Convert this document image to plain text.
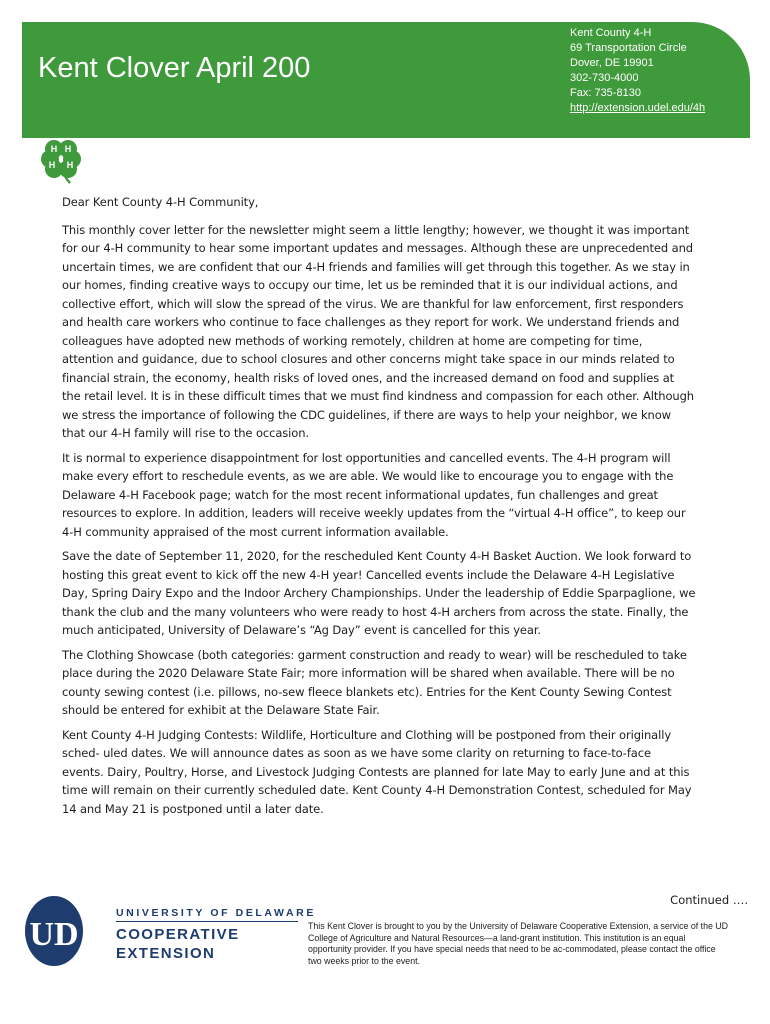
Kent Clover April 200
Kent County 4-H
69 Transportation Circle
Dover, DE 19901
302-730-4000
Fax: 735-8130
http://extension.udel.edu/4h
H H
H H

Dear Kent County 4-H Community,

This monthly cover letter for the newsletter might seem a little lengthy; however, we thought it was important for our 4-H community to hear some important updates and messages. Although these are unprecedented and uncertain times, we are confident that our 4-H friends and families will get through this together. As we stay in our homes, finding creative ways to occupy our time, let us be reminded that it is our individual actions, and collective effort, which will slow the spread of the virus. We are thankful for law enforcement, first responders and health care workers who continue to face challenges as they report for work. We understand friends and colleagues have adopted new methods of working remotely, children at home are competing for time, attention and guidance, due to school closures and other concerns might take space in our minds related to financial strain, the economy, health risks of loved ones, and the increased demand on food and supplies at the retail level. It is in these difficult times that we must find kindness and compassion for each other. Although we stress the importance of following the CDC guidelines, if there are ways to help your neighbor, we know that our 4-H family will rise to the occasion.

It is normal to experience disappointment for lost opportunities and cancelled events. The 4-H program will make every effort to reschedule events, as we are able. We would like to encourage you to engage with the Delaware 4-H Facebook page; watch for the most recent informational updates, fun challenges and great resources to explore. In addition, leaders will receive weekly updates from the “virtual 4-H office”, to keep our 4-H community appraised of the most current information available.

Save the date of September 11, 2020, for the rescheduled Kent County 4-H Basket Auction. We look forward to hosting this great event to kick off the new 4-H year! Cancelled events include the Delaware 4-H Legislative Day, Spring Dairy Expo and the Indoor Archery Championships. Under the leadership of Eddie Sparpaglione, we thank the club and the many volunteers who were ready to host 4-H archers from across the state. Finally, the much anticipated, University of Delaware’s “Ag Day” event is cancelled for this year.

The Clothing Showcase (both categories: garment construction and ready to wear) will be rescheduled to take place during the 2020 Delaware State Fair; more information will be shared when available. There will be no county sewing contest (i.e. pillows, no-sew fleece blankets etc). Entries for the Kent County Sewing Contest should be entered for exhibit at the Delaware State Fair.

Kent County 4-H Judging Contests: Wildlife, Horticulture and Clothing will be postponed from their originally sched- uled dates. We will announce dates as soon as we have some clarity on returning to face-to-face events. Dairy, Poultry, Horse, and Livestock Judging Contests are planned for late May to early June and at this time will remain on their currently scheduled date. Kent County 4-H Demonstration Contest, scheduled for May 14 and May 21 is postponed until a later date.

Continued ….
UD
UNIVERSITY OF DELAWARE
COOPERATIVE
EXTENSION
This Kent Clover is brought to you by the University of Delaware Cooperative Extension, a service of the UD College of Agriculture and Natural Resources—a land-grant institution. This institution is an equal opportunity provider. If you have special needs that need to be ac-commodated, please contact the office two weeks prior to the event.
